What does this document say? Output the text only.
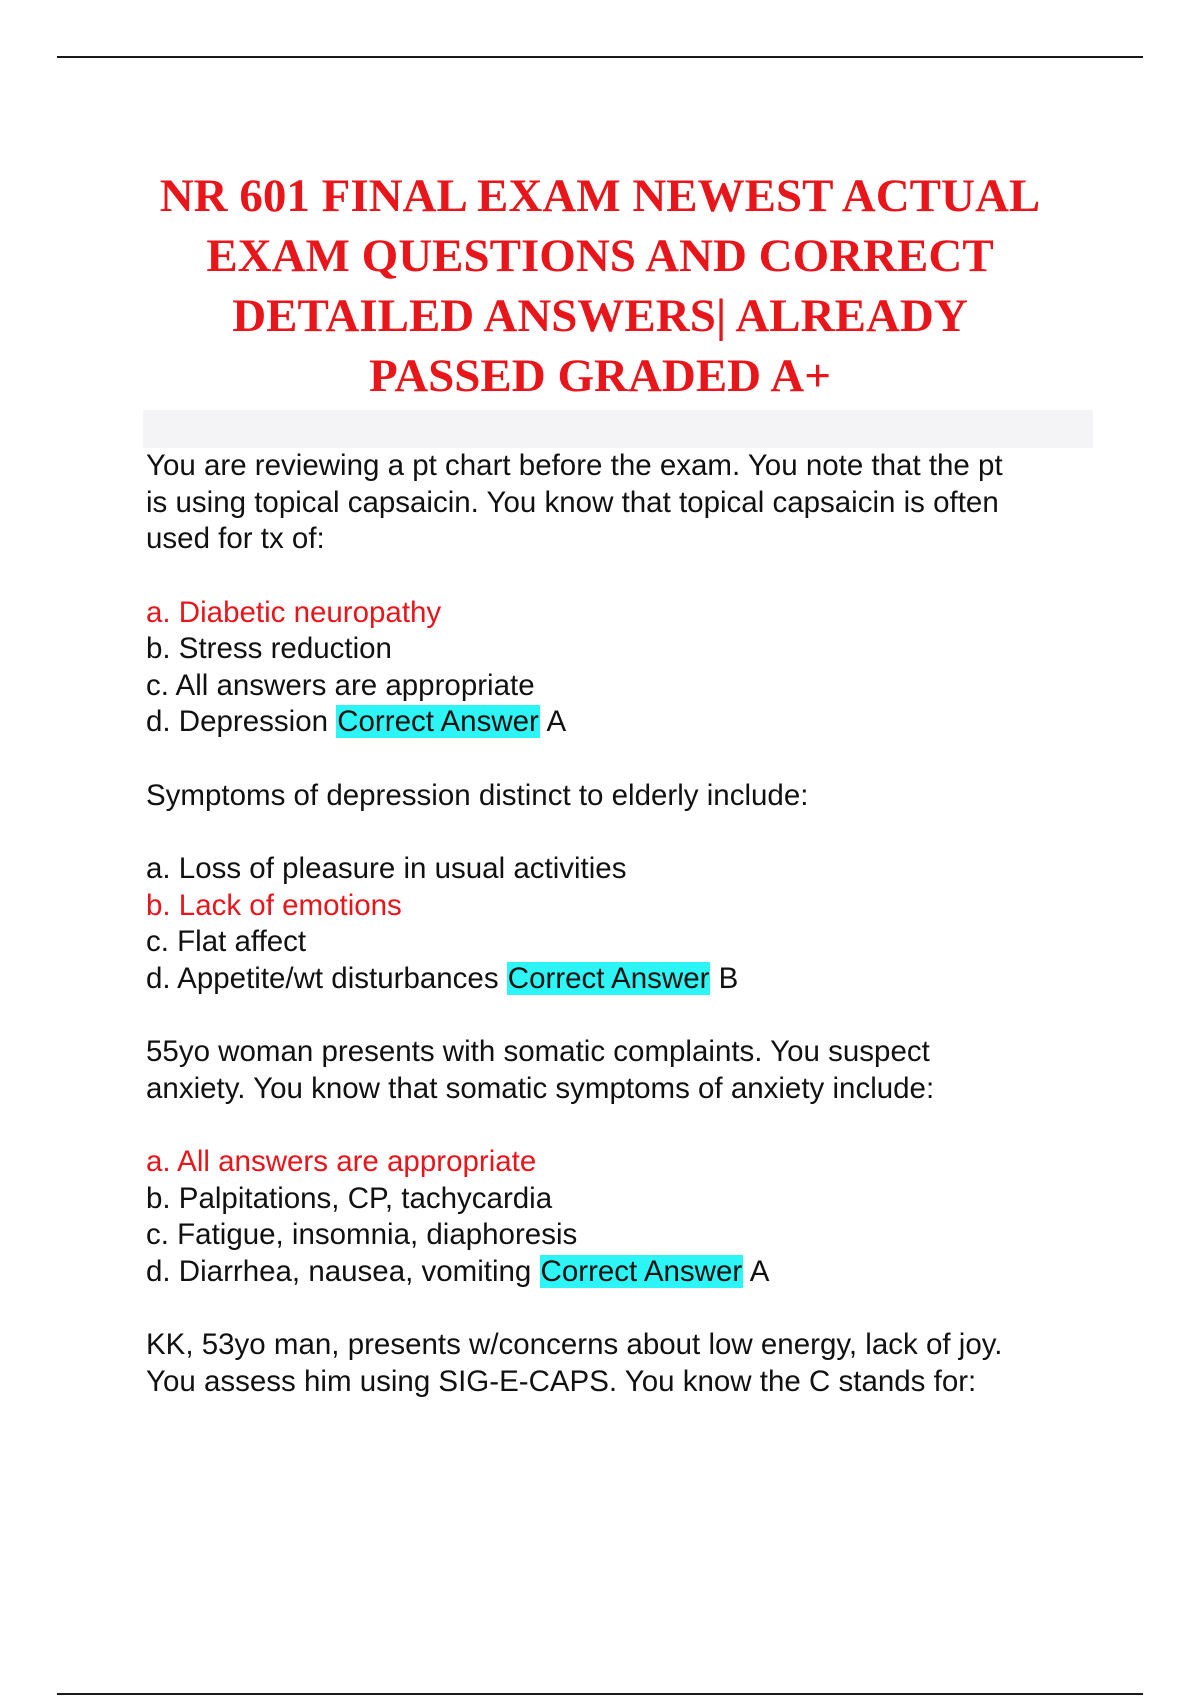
NR 601 FINAL EXAM NEWEST ACTUAL
EXAM QUESTIONS AND CORRECT
DETAILED ANSWERS| ALREADY
PASSED GRADED A+

You are reviewing a pt chart before the exam. You note that the pt
is using topical capsaicin. You know that topical capsaicin is often
used for tx of:

a. Diabetic neuropathy
b. Stress reduction
c. All answers are appropriate
d. Depression Correct Answer A

Symptoms of depression distinct to elderly include:

a. Loss of pleasure in usual activities
b. Lack of emotions
c. Flat affect
d. Appetite/wt disturbances Correct Answer B

55yo woman presents with somatic complaints. You suspect
anxiety. You know that somatic symptoms of anxiety include:

a. All answers are appropriate
b. Palpitations, CP, tachycardia
c. Fatigue, insomnia, diaphoresis
d. Diarrhea, nausea, vomiting Correct Answer A

KK, 53yo man, presents w/concerns about low energy, lack of joy.
You assess him using SIG-E-CAPS. You know the C stands for:
